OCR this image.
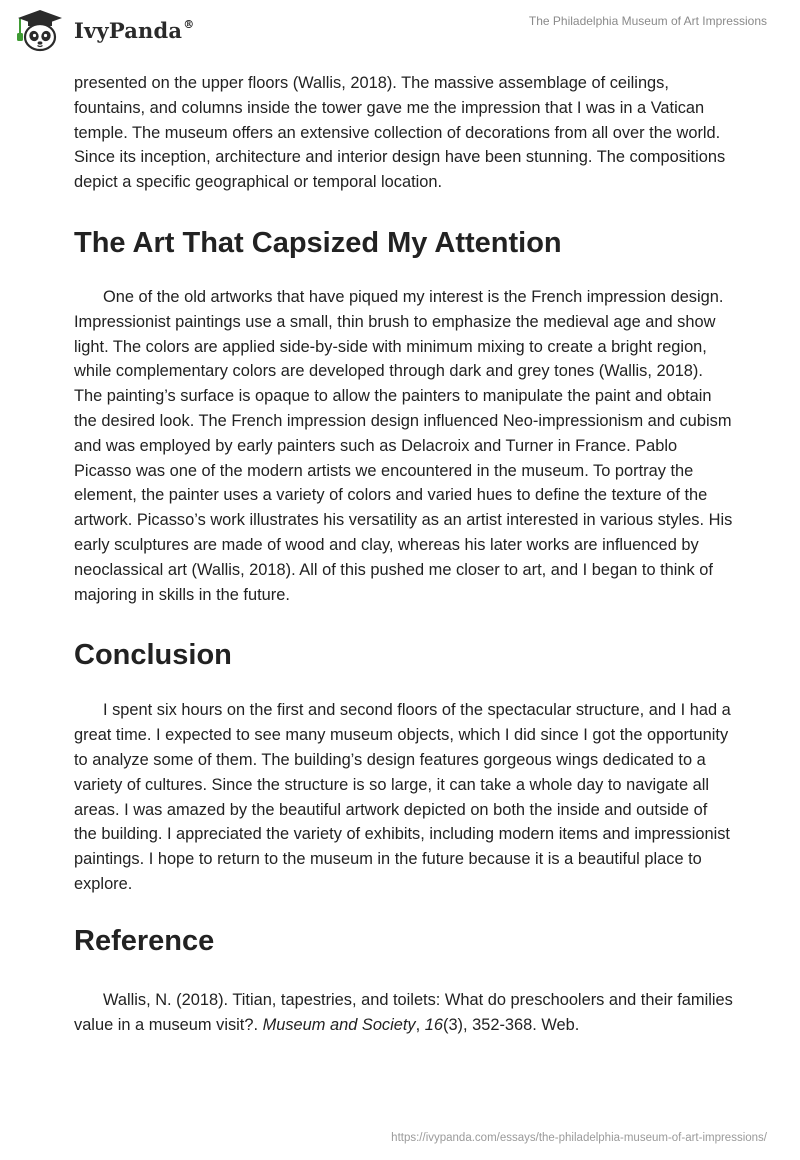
IvyPanda®	The Philadelphia Museum of Art Impressions

presented on the upper floors (Wallis, 2018). The massive assemblage of ceilings, fountains, and columns inside the tower gave me the impression that I was in a Vatican temple. The museum offers an extensive collection of decorations from all over the world. Since its inception, architecture and interior design have been stunning. The compositions depict a specific geographical or temporal location.

The Art That Capsized My Attention

One of the old artworks that have piqued my interest is the French impression design. Impressionist paintings use a small, thin brush to emphasize the medieval age and show light. The colors are applied side-by-side with minimum mixing to create a bright region, while complementary colors are developed through dark and grey tones (Wallis, 2018). The painting’s surface is opaque to allow the painters to manipulate the paint and obtain the desired look. The French impression design influenced Neo-impressionism and cubism and was employed by early painters such as Delacroix and Turner in France. Pablo Picasso was one of the modern artists we encountered in the museum. To portray the element, the painter uses a variety of colors and varied hues to define the texture of the artwork. Picasso’s work illustrates his versatility as an artist interested in various styles. His early sculptures are made of wood and clay, whereas his later works are influenced by neoclassical art (Wallis, 2018). All of this pushed me closer to art, and I began to think of majoring in skills in the future.

Conclusion

I spent six hours on the first and second floors of the spectacular structure, and I had a great time. I expected to see many museum objects, which I did since I got the opportunity to analyze some of them. The building’s design features gorgeous wings dedicated to a variety of cultures. Since the structure is so large, it can take a whole day to navigate all areas. I was amazed by the beautiful artwork depicted on both the inside and outside of the building. I appreciated the variety of exhibits, including modern items and impressionist paintings. I hope to return to the museum in the future because it is a beautiful place to explore.

Reference

Wallis, N. (2018). Titian, tapestries, and toilets: What do preschoolers and their families value in a museum visit?. Museum and Society, 16(3), 352-368. Web.

https://ivypanda.com/essays/the-philadelphia-museum-of-art-impressions/
